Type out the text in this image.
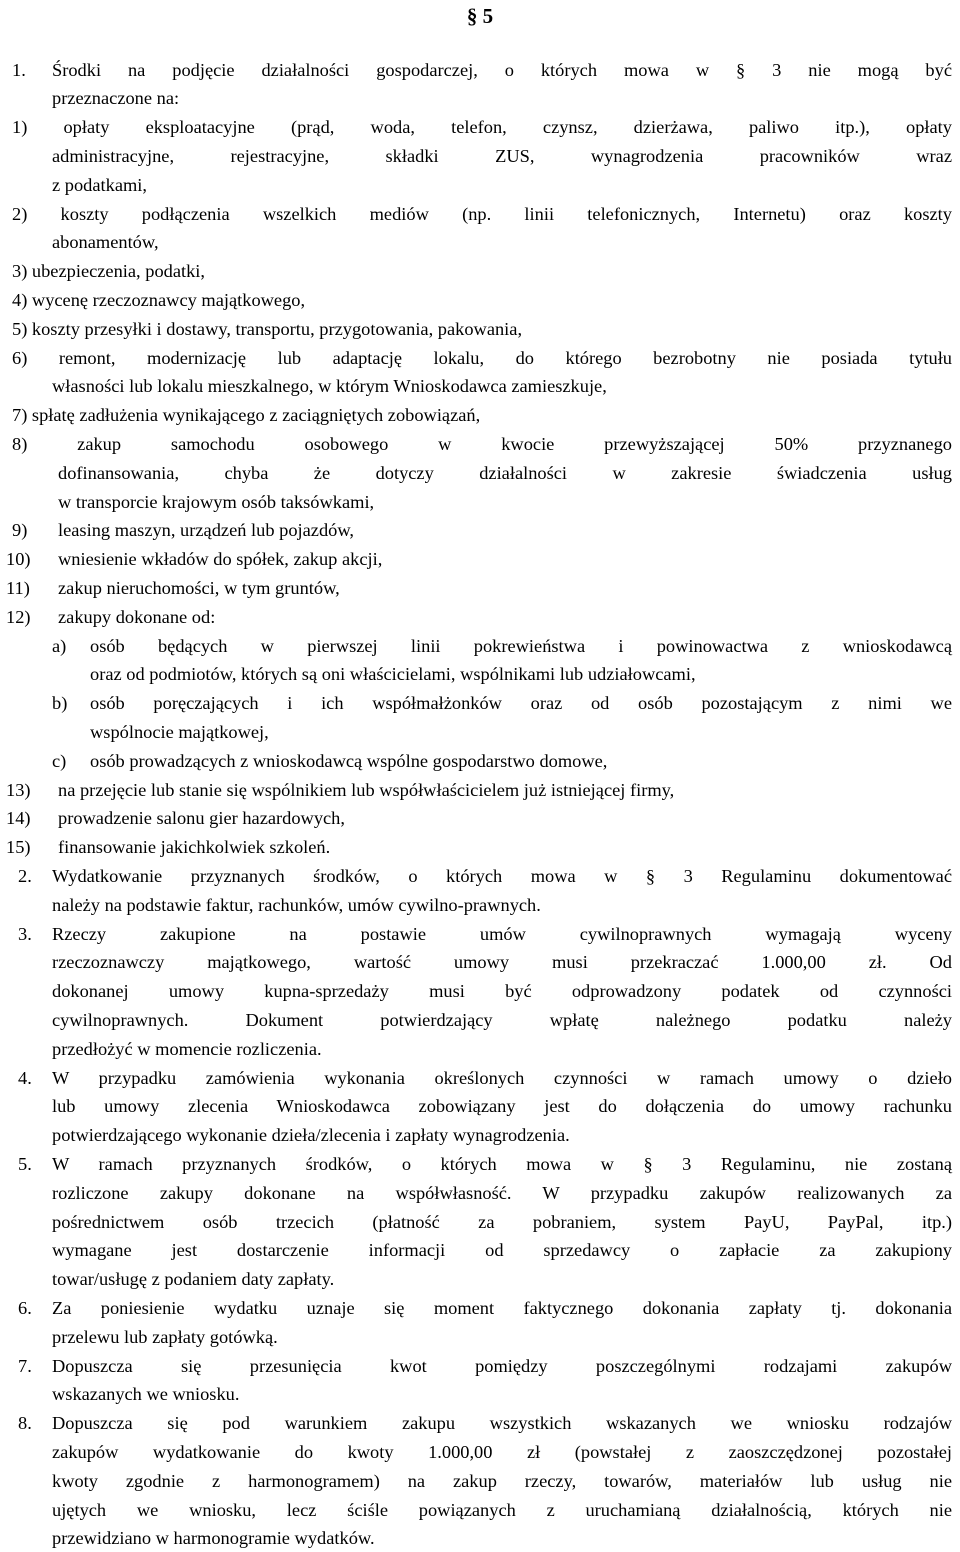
§ 5
1. Środki na podjęcie działalności gospodarczej, o których mowa w § 3 nie mogą być
przeznaczone na:
1) opłaty eksploatacyjne (prąd, woda, telefon, czynsz, dzierżawa, paliwo itp.), opłaty
administracyjne, rejestracyjne, składki ZUS, wynagrodzenia pracowników wraz
z podatkami,
2) koszty podłączenia wszelkich mediów (np. linii telefonicznych, Internetu) oraz koszty
abonamentów,
3) ubezpieczenia, podatki,
4) wycenę rzeczoznawcy majątkowego,
5) koszty przesyłki i dostawy, transportu, przygotowania, pakowania,
6) remont, modernizację lub adaptację lokalu, do którego bezrobotny nie posiada tytułu
własności lub lokalu mieszkalnego, w którym Wnioskodawca zamieszkuje,
7) spłatę zadłużenia wynikającego z zaciągniętych zobowiązań,
8) zakup samochodu osobowego w kwocie przewyższającej 50% przyznanego
dofinansowania, chyba że dotyczy działalności w zakresie świadczenia usług
w transporcie krajowym osób taksówkami,
9) leasing maszyn, urządzeń lub pojazdów,
10) wniesienie wkładów do spółek, zakup akcji,
11) zakup nieruchomości, w tym gruntów,
12) zakupy dokonane od:
a) osób będących w pierwszej linii pokrewieństwa i powinowactwa z wnioskodawcą
oraz od podmiotów, których są oni właścicielami, wspólnikami lub udziałowcami,
b) osób poręczających i ich współmałżonków oraz od osób pozostającym z nimi we
wspólnocie majątkowej,
c) osób prowadzących z wnioskodawcą wspólne gospodarstwo domowe,
13) na przejęcie lub stanie się wspólnikiem lub współwłaścicielem już istniejącej firmy,
14) prowadzenie salonu gier hazardowych,
15) finansowanie jakichkolwiek szkoleń.
2. Wydatkowanie przyznanych środków, o których mowa w § 3 Regulaminu dokumentować
należy na podstawie faktur, rachunków, umów cywilno-prawnych.
3. Rzeczy zakupione na postawie umów cywilnoprawnych wymagają wyceny
rzeczoznawczy majątkowego, wartość umowy musi przekraczać 1.000,00 zł. Od
dokonanej umowy kupna-sprzedaży musi być odprowadzony podatek od czynności
cywilnoprawnych. Dokument potwierdzający wpłatę należnego podatku należy
przedłożyć w momencie rozliczenia.
4. W przypadku zamówienia wykonania określonych czynności w ramach umowy o dzieło
lub umowy zlecenia Wnioskodawca zobowiązany jest do dołączenia do umowy rachunku
potwierdzającego wykonanie dzieła/zlecenia i zapłaty wynagrodzenia.
5. W ramach przyznanych środków, o których mowa w § 3 Regulaminu, nie zostaną
rozliczone zakupy dokonane na współwłasność. W przypadku zakupów realizowanych za
pośrednictwem osób trzecich (płatność za pobraniem, system PayU, PayPal, itp.)
wymagane jest dostarczenie informacji od sprzedawcy o zapłacie za zakupiony
towar/usługę z podaniem daty zapłaty.
6. Za poniesienie wydatku uznaje się moment faktycznego dokonania zapłaty tj. dokonania
przelewu lub zapłaty gotówką.
7. Dopuszcza się przesunięcia kwot pomiędzy poszczególnymi rodzajami zakupów
wskazanych we wniosku.
8. Dopuszcza się pod warunkiem zakupu wszystkich wskazanych we wniosku rodzajów
zakupów wydatkowanie do kwoty 1.000,00 zł (powstałej z zaoszczędzonej pozostałej
kwoty zgodnie z harmonogramem) na zakup rzeczy, towarów, materiałów lub usług nie
ujętych we wniosku, lecz ściśle powiązanych z uruchamianą działalnością, których nie
przewidziano w harmonogramie wydatków.
